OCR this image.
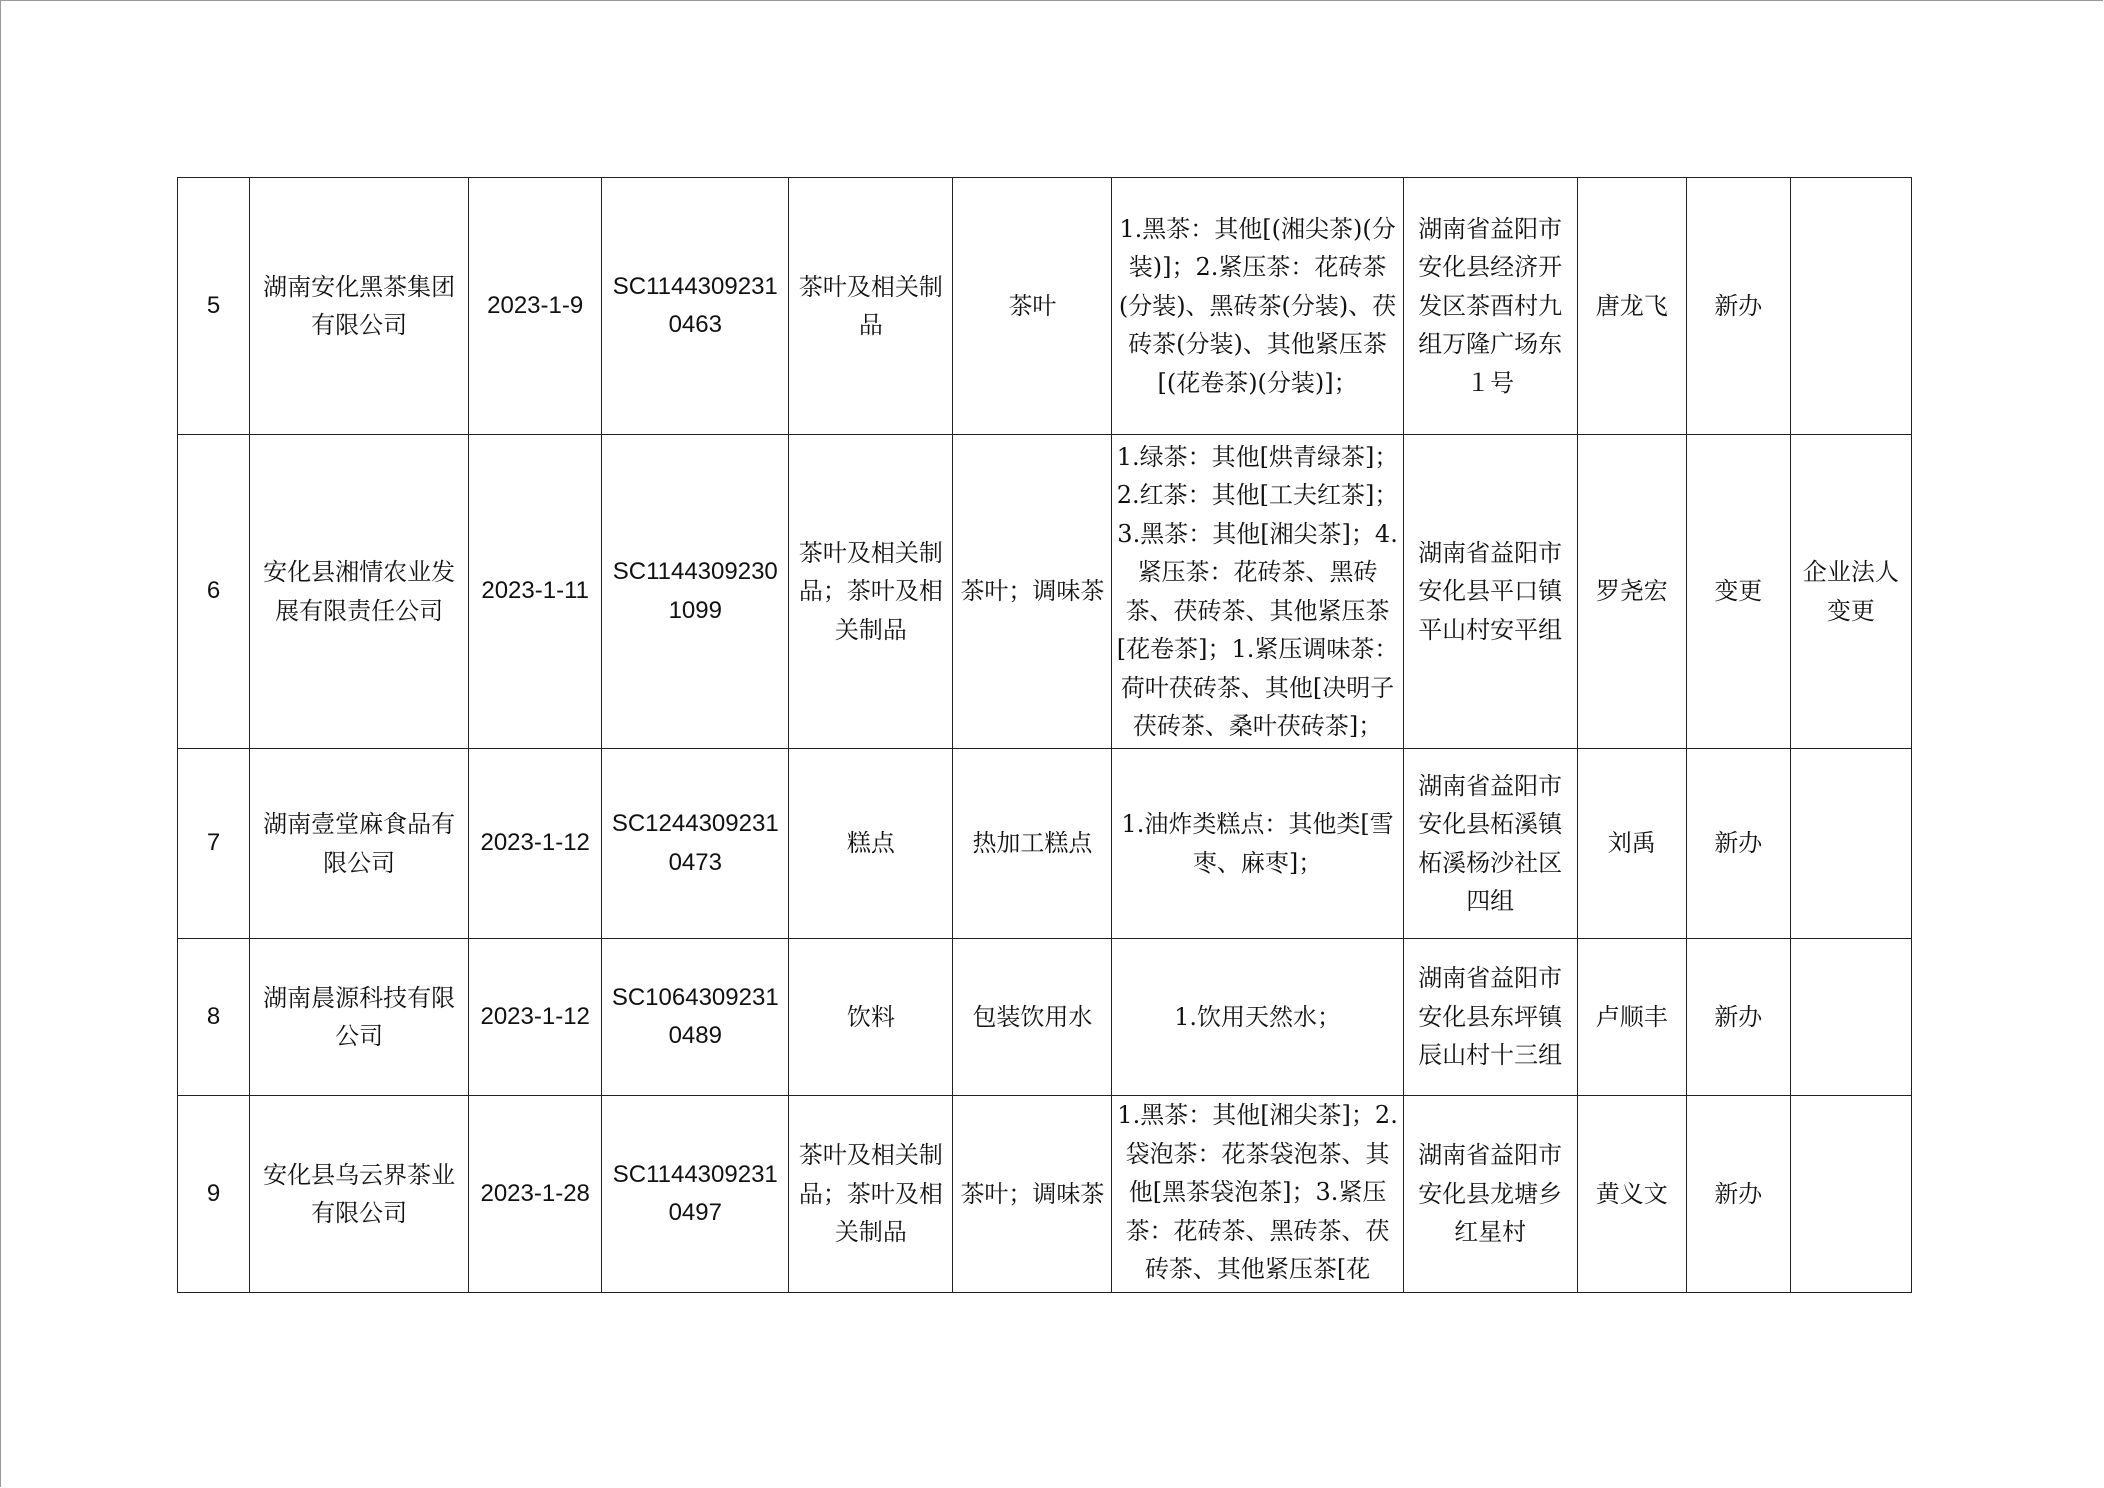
5	湖南安化黑茶集团有限公司	2023-1-9	SC11443092310463	茶叶及相关制品	茶叶	1.黑茶：其他[(湘尖茶)(分装)]；2.紧压茶：花砖茶(分装)、黑砖茶(分装)、茯砖茶(分装)、其他紧压茶[(花卷茶)(分装)]；	湖南省益阳市安化县经济开发区茶酉村九组万隆广场东１号	唐龙飞	新办	

6	安化县湘情农业发展有限责任公司	2023-1-11	SC11443092301099	茶叶及相关制品；茶叶及相关制品	茶叶；调味茶	1.绿茶：其他[烘青绿茶]；2.红茶：其他[工夫红茶]；3.黑茶：其他[湘尖茶]；4.紧压茶：花砖茶、黑砖茶、茯砖茶、其他紧压茶[花卷茶]；1.紧压调味茶：荷叶茯砖茶、其他[决明子茯砖茶、桑叶茯砖茶]；	湖南省益阳市安化县平口镇平山村安平组	罗尧宏	变更	企业法人变更

7	湖南壹堂麻食品有限公司	2023-1-12	SC12443092310473	糕点	热加工糕点	1.油炸类糕点：其他类[雪枣、麻枣]；	湖南省益阳市安化县柘溪镇柘溪杨沙社区四组	刘禹	新办	

8	湖南晨源科技有限公司	2023-1-12	SC10643092310489	饮料	包装饮用水	1.饮用天然水；	湖南省益阳市安化县东坪镇辰山村十三组	卢顺丰	新办	

9	安化县乌云界茶业有限公司	2023-1-28	SC11443092310497	茶叶及相关制品；茶叶及相关制品	茶叶；调味茶	1.黑茶：其他[湘尖茶]；2.袋泡茶：花茶袋泡茶、其他[黑茶袋泡茶]；3.紧压茶：花砖茶、黑砖茶、茯砖茶、其他紧压茶[花	湖南省益阳市安化县龙塘乡红星村	黄义文	新办	
